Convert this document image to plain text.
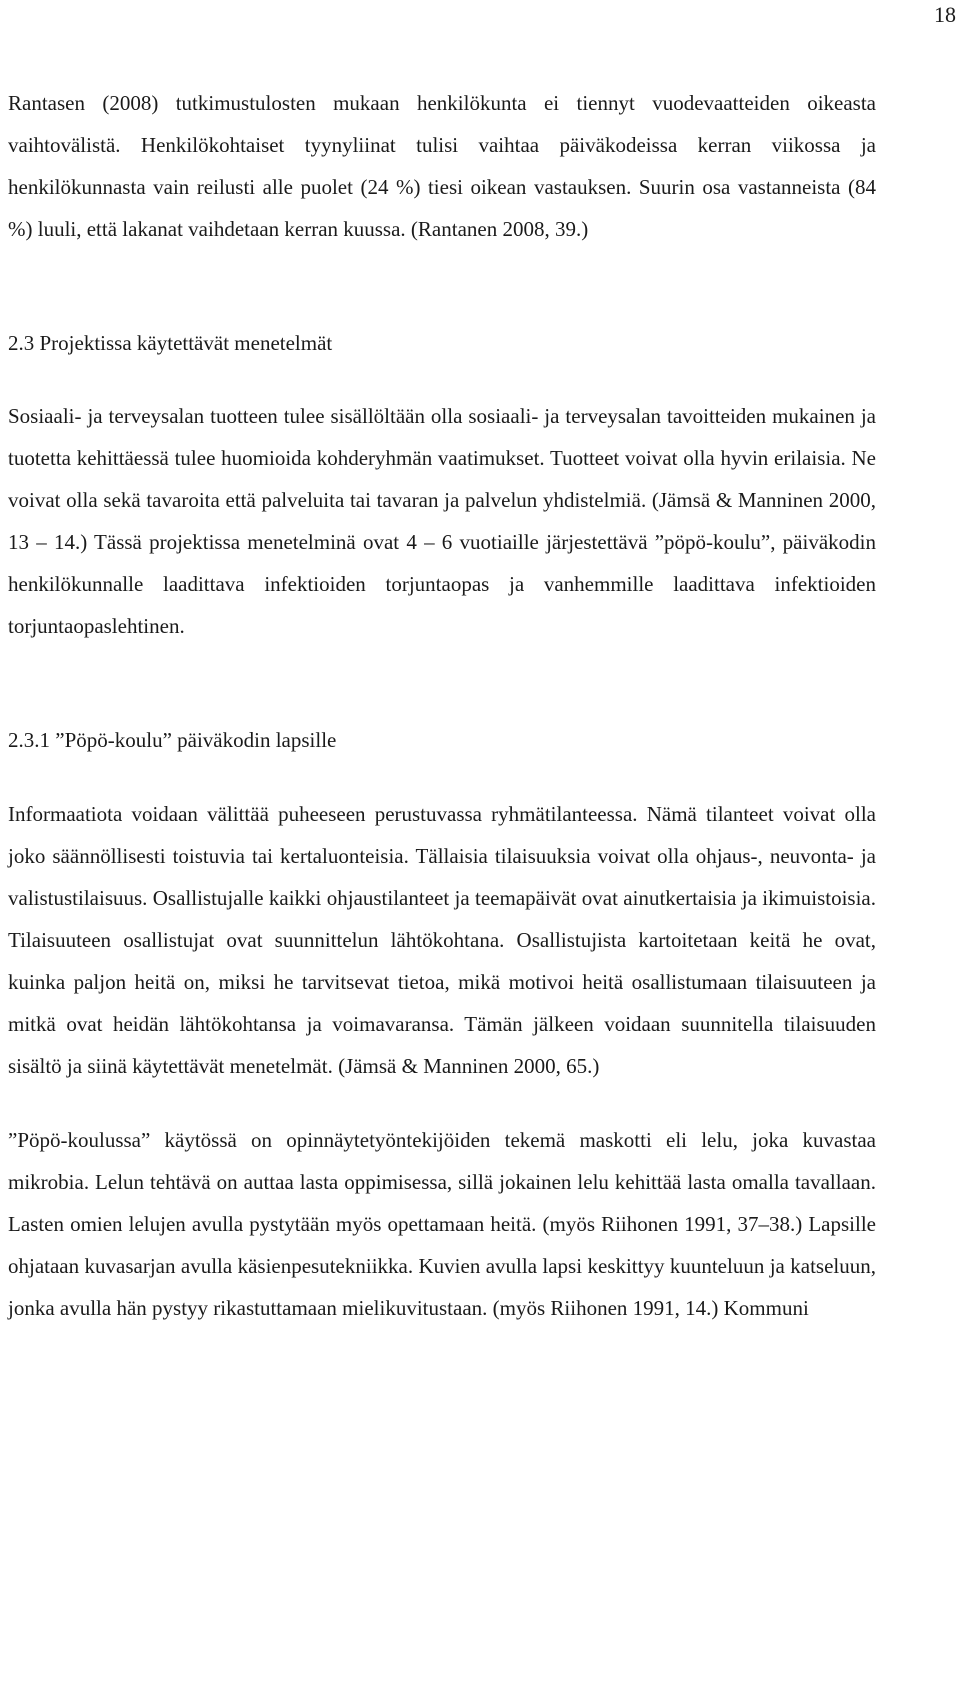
18

Rantasen (2008) tutkimustulosten mukaan henkilökunta ei tiennyt vuodevaatteiden oikeasta vaihtovälistä. Henkilökohtaiset tyynyliinat tulisi vaihtaa päiväkodeissa kerran viikossa ja henkilökunnasta vain reilusti alle puolet (24 %) tiesi oikean vastauksen. Suurin osa vastanneista (84 %) luuli, että lakanat vaihdetaan kerran kuussa. (Rantanen 2008, 39.)

2.3 Projektissa käytettävät menetelmät

Sosiaali- ja terveysalan tuotteen tulee sisällöltään olla sosiaali- ja terveysalan tavoitteiden mukainen ja tuotetta kehittäessä tulee huomioida kohderyhmän vaatimukset. Tuotteet voivat olla hyvin erilaisia. Ne voivat olla sekä tavaroita että palveluita tai tavaran ja palvelun yhdistelmiä. (Jämsä & Manninen 2000, 13 – 14.) Tässä projektissa menetelminä ovat 4 – 6 vuotiaille järjestettävä ”pöpö-koulu”, päiväkodin henkilökunnalle laadittava infektioiden torjuntaopas ja vanhemmille laadittava infektioiden torjuntaopaslehtinen.

2.3.1 ”Pöpö-koulu” päiväkodin lapsille

Informaatiota voidaan välittää puheeseen perustuvassa ryhmätilanteessa. Nämä tilanteet voivat olla joko säännöllisesti toistuvia tai kertaluonteisia. Tällaisia tilaisuuksia voivat olla ohjaus-, neuvonta- ja valistustilaisuus. Osallistujalle kaikki ohjaustilanteet ja teemapäivät ovat ainutkertaisia ja ikimuistoisia. Tilaisuuteen osallistujat ovat suunnittelun lähtökohtana. Osallistujista kartoitetaan keitä he ovat, kuinka paljon heitä on, miksi he tarvitsevat tietoa, mikä motivoi heitä osallistumaan tilaisuuteen ja mitkä ovat heidän lähtökohtansa ja voimavaransa. Tämän jälkeen voidaan suunnitella tilaisuuden sisältö ja siinä käytettävät menetelmät. (Jämsä & Manninen 2000, 65.)

”Pöpö-koulussa” käytössä on opinnäytetyöntekijöiden tekemä maskotti eli lelu, joka kuvastaa mikrobia. Lelun tehtävä on auttaa lasta oppimisessa, sillä jokainen lelu kehittää lasta omalla tavallaan. Lasten omien lelujen avulla pystytään myös opettamaan heitä. (myös Riihonen 1991, 37–38.) Lapsille ohjataan kuvasarjan avulla käsienpesutekniikka. Kuvien avulla lapsi keskittyy kuunteluun ja katseluun, jonka avulla hän pystyy rikastuttamaan mielikuvitustaan. (myös Riihonen 1991, 14.) Kommuni
